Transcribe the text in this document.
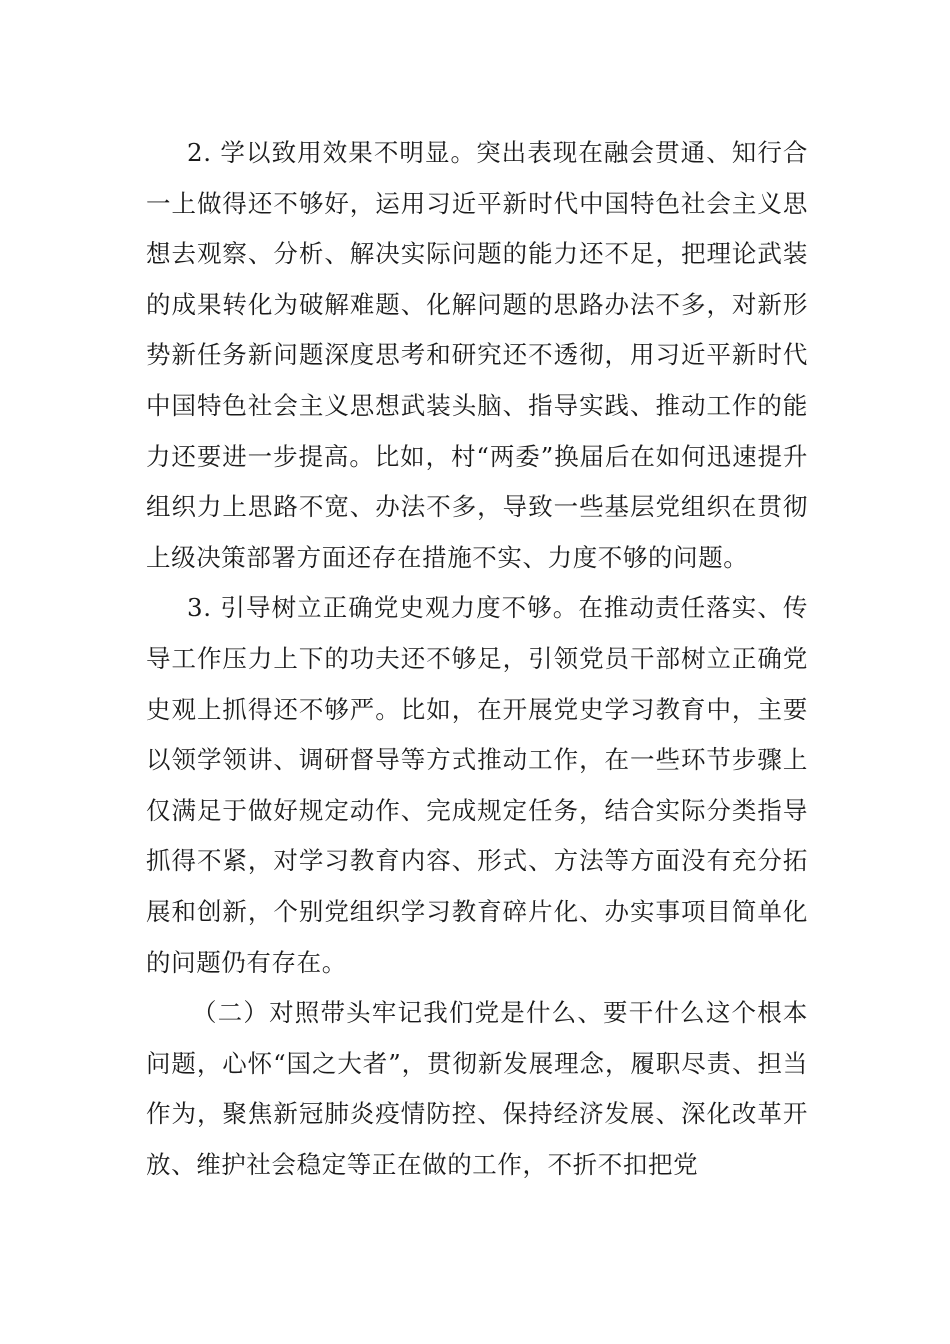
2. 学以致用效果不明显。突出表现在融会贯通、知行合一上做得还不够好，运用习近平新时代中国特色社会主义思想去观察、分析、解决实际问题的能力还不足，把理论武装的成果转化为破解难题、化解问题的思路办法不多，对新形势新任务新问题深度思考和研究还不透彻，用习近平新时代中国特色社会主义思想武装头脑、指导实践、推动工作的能力还要进一步提高。比如，村“两委”换届后在如何迅速提升组织力上思路不宽、办法不多，导致一些基层党组织在贯彻上级决策部署方面还存在措施不实、力度不够的问题。

3. 引导树立正确党史观力度不够。在推动责任落实、传导工作压力上下的功夫还不够足，引领党员干部树立正确党史观上抓得还不够严。比如，在开展党史学习教育中，主要以领学领讲、调研督导等方式推动工作，在一些环节步骤上仅满足于做好规定动作、完成规定任务，结合实际分类指导抓得不紧，对学习教育内容、形式、方法等方面没有充分拓展和创新，个别党组织学习教育碎片化、办实事项目简单化的问题仍有存在。

（二）对照带头牢记我们党是什么、要干什么这个根本问题，心怀“国之大者”，贯彻新发展理念，履职尽责、担当作为，聚焦新冠肺炎疫情防控、保持经济发展、深化改革开放、维护社会稳定等正在做的工作，不折不扣把党
